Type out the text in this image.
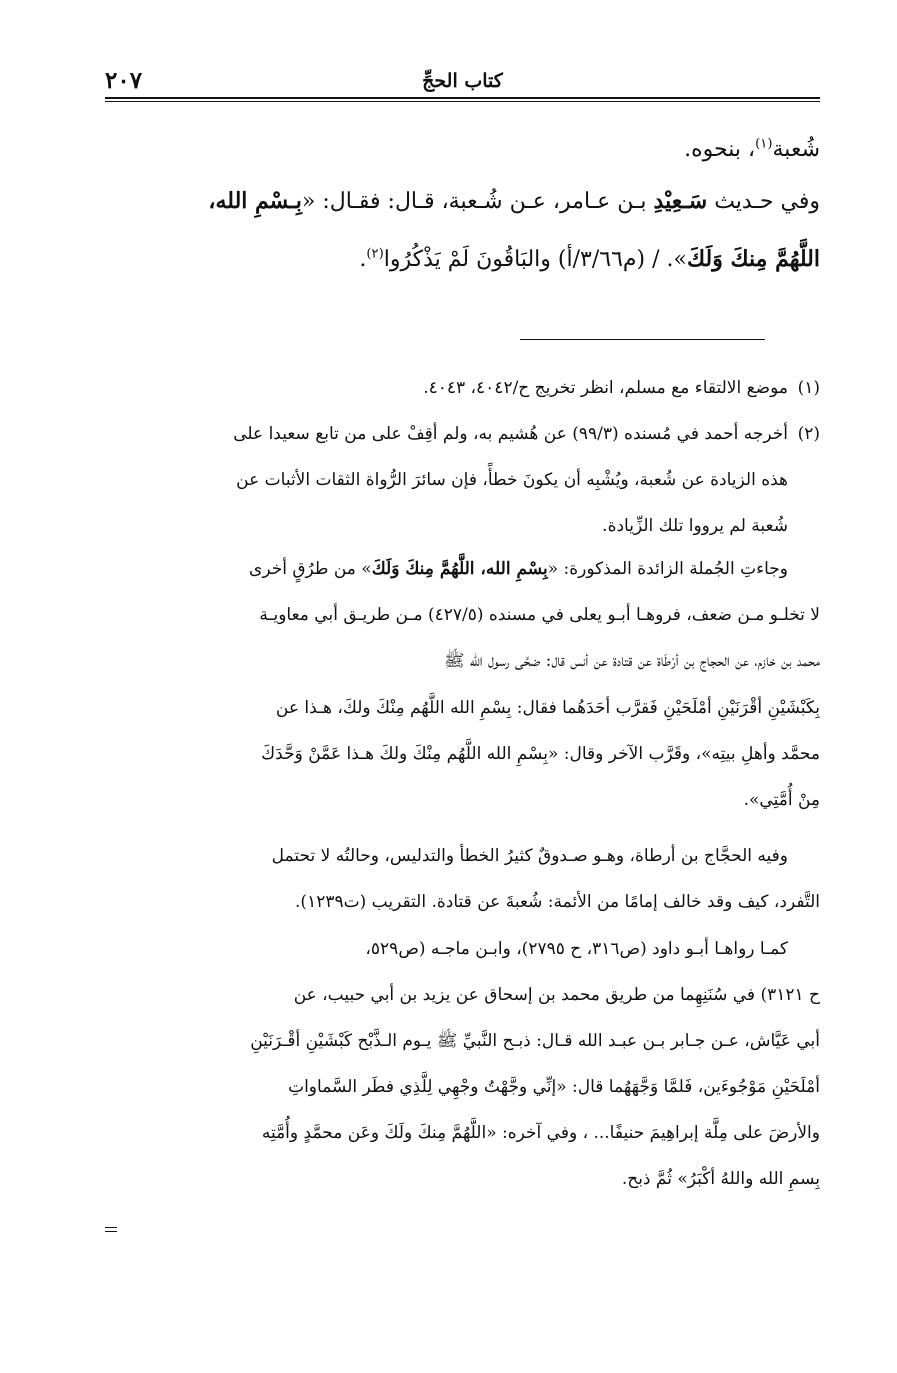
٢٠٧	كتاب الحجِّ
شُعبة$^{(١)}$، بنحوه.
وفي حـديث سَـعِيْدِ بـن عـامر، عـن شُـعبة، قـال: فقـال: «بِـسْمِ الله،
اللَّهُمَّ مِنكَ وَلَكَ». / (م٣/٦٦/أ) والبَاقُونَ لَمْ يَذْكُرُوا$^{(٢)}$.
(١)موضع الالتقاء مع مسلم، انظر تخريج ح/٤٠٤٢، ٤٠٤٣.
(٢)أخرجه أحمد في مُسنده (٩٩/٣) عن هُشيم به، ولم أقِفْ على من تابع سعيدا على
هذه الزيادة عن شُعبة، ويُشْبِه أن يكونَ خطأً، فإن سائرَ الرُّواة الثقات الأثبات عن
شُعبة لم يرووا تلك الزِّيادة.
وجاءتِ الجُملة الزائدة المذكورة: «بِسْمِ الله، اللَّهُمَّ مِنكَ وَلَكَ» من طرُقٍ أخرى
لا تخلـو مـن ضعف، فروهـا أبـو يعلى في مسنده (٤٢٧/٥) مـن طريـق أبي معاويـة
محمد بن خازم، عن الحجاج بن أرْطَاة عن قتادة عن أنس قال: ضحَّى رسول الله ﷺ
بِكَبْشَيْنِ أقْرَنَيْنِ أمْلَحَيْنِ فَقرَّب أحَدَهُما فقال: بِسْمِ الله اللَّهُم مِنْكَ ولكَ، هـذا عن
محمَّد وأهلِ بيتِه»، وقَرَّب الآخر وقال: «بِسْمِ الله اللَّهُم مِنْكَ ولكَ هـذا عَمَّنْ وَحَّدَكَ
مِنْ أُمَّتِي».
وفيه الحجَّاج بن أرطاة، وهـو صـدوقٌ كثيرُ الخطأ والتدليس، وحالتُه لا تحتمل
التَّفرد، كيف وقد خالف إمامًا من الأئمة: شُعبةَ عن قتادة. التقريب (ت١٢٣٩).
كمـا رواهـا أبـو داود (ص٣١٦، ح ٢٧٩٥)، وابـن ماجـه (ص٥٢٩،
ح ٣١٢١) في سُنَنِهِما من طريق محمد بن إسحاق عن يزيد بن أبي حبيب، عن
أبي عَيَّاش، عـن جـابر بـن عبـد الله قـال: ذبـح النَّبيِّ ﷺ يـوم الـذَّبْح كَبْشَيْنِ أقْـرَنَيْنِ
أمْلَحَيْنِ مَوْجُوءَين، فَلمَّا وَجَّهَهُما قال: «إنِّي وجَّهْتُ وجْهِي لِلَّذِي فطَر السَّماواتِ
والأرضَ على مِلَّة إبراهِيمَ حنيفًا... ، وفي آخره: «اللَّهُمَّ مِنكَ ولَكَ وعَن محمَّدٍ وأُمَّتِه
بِسمِ الله واللهُ أكْبَرُ» ثُمَّ ذبح.
